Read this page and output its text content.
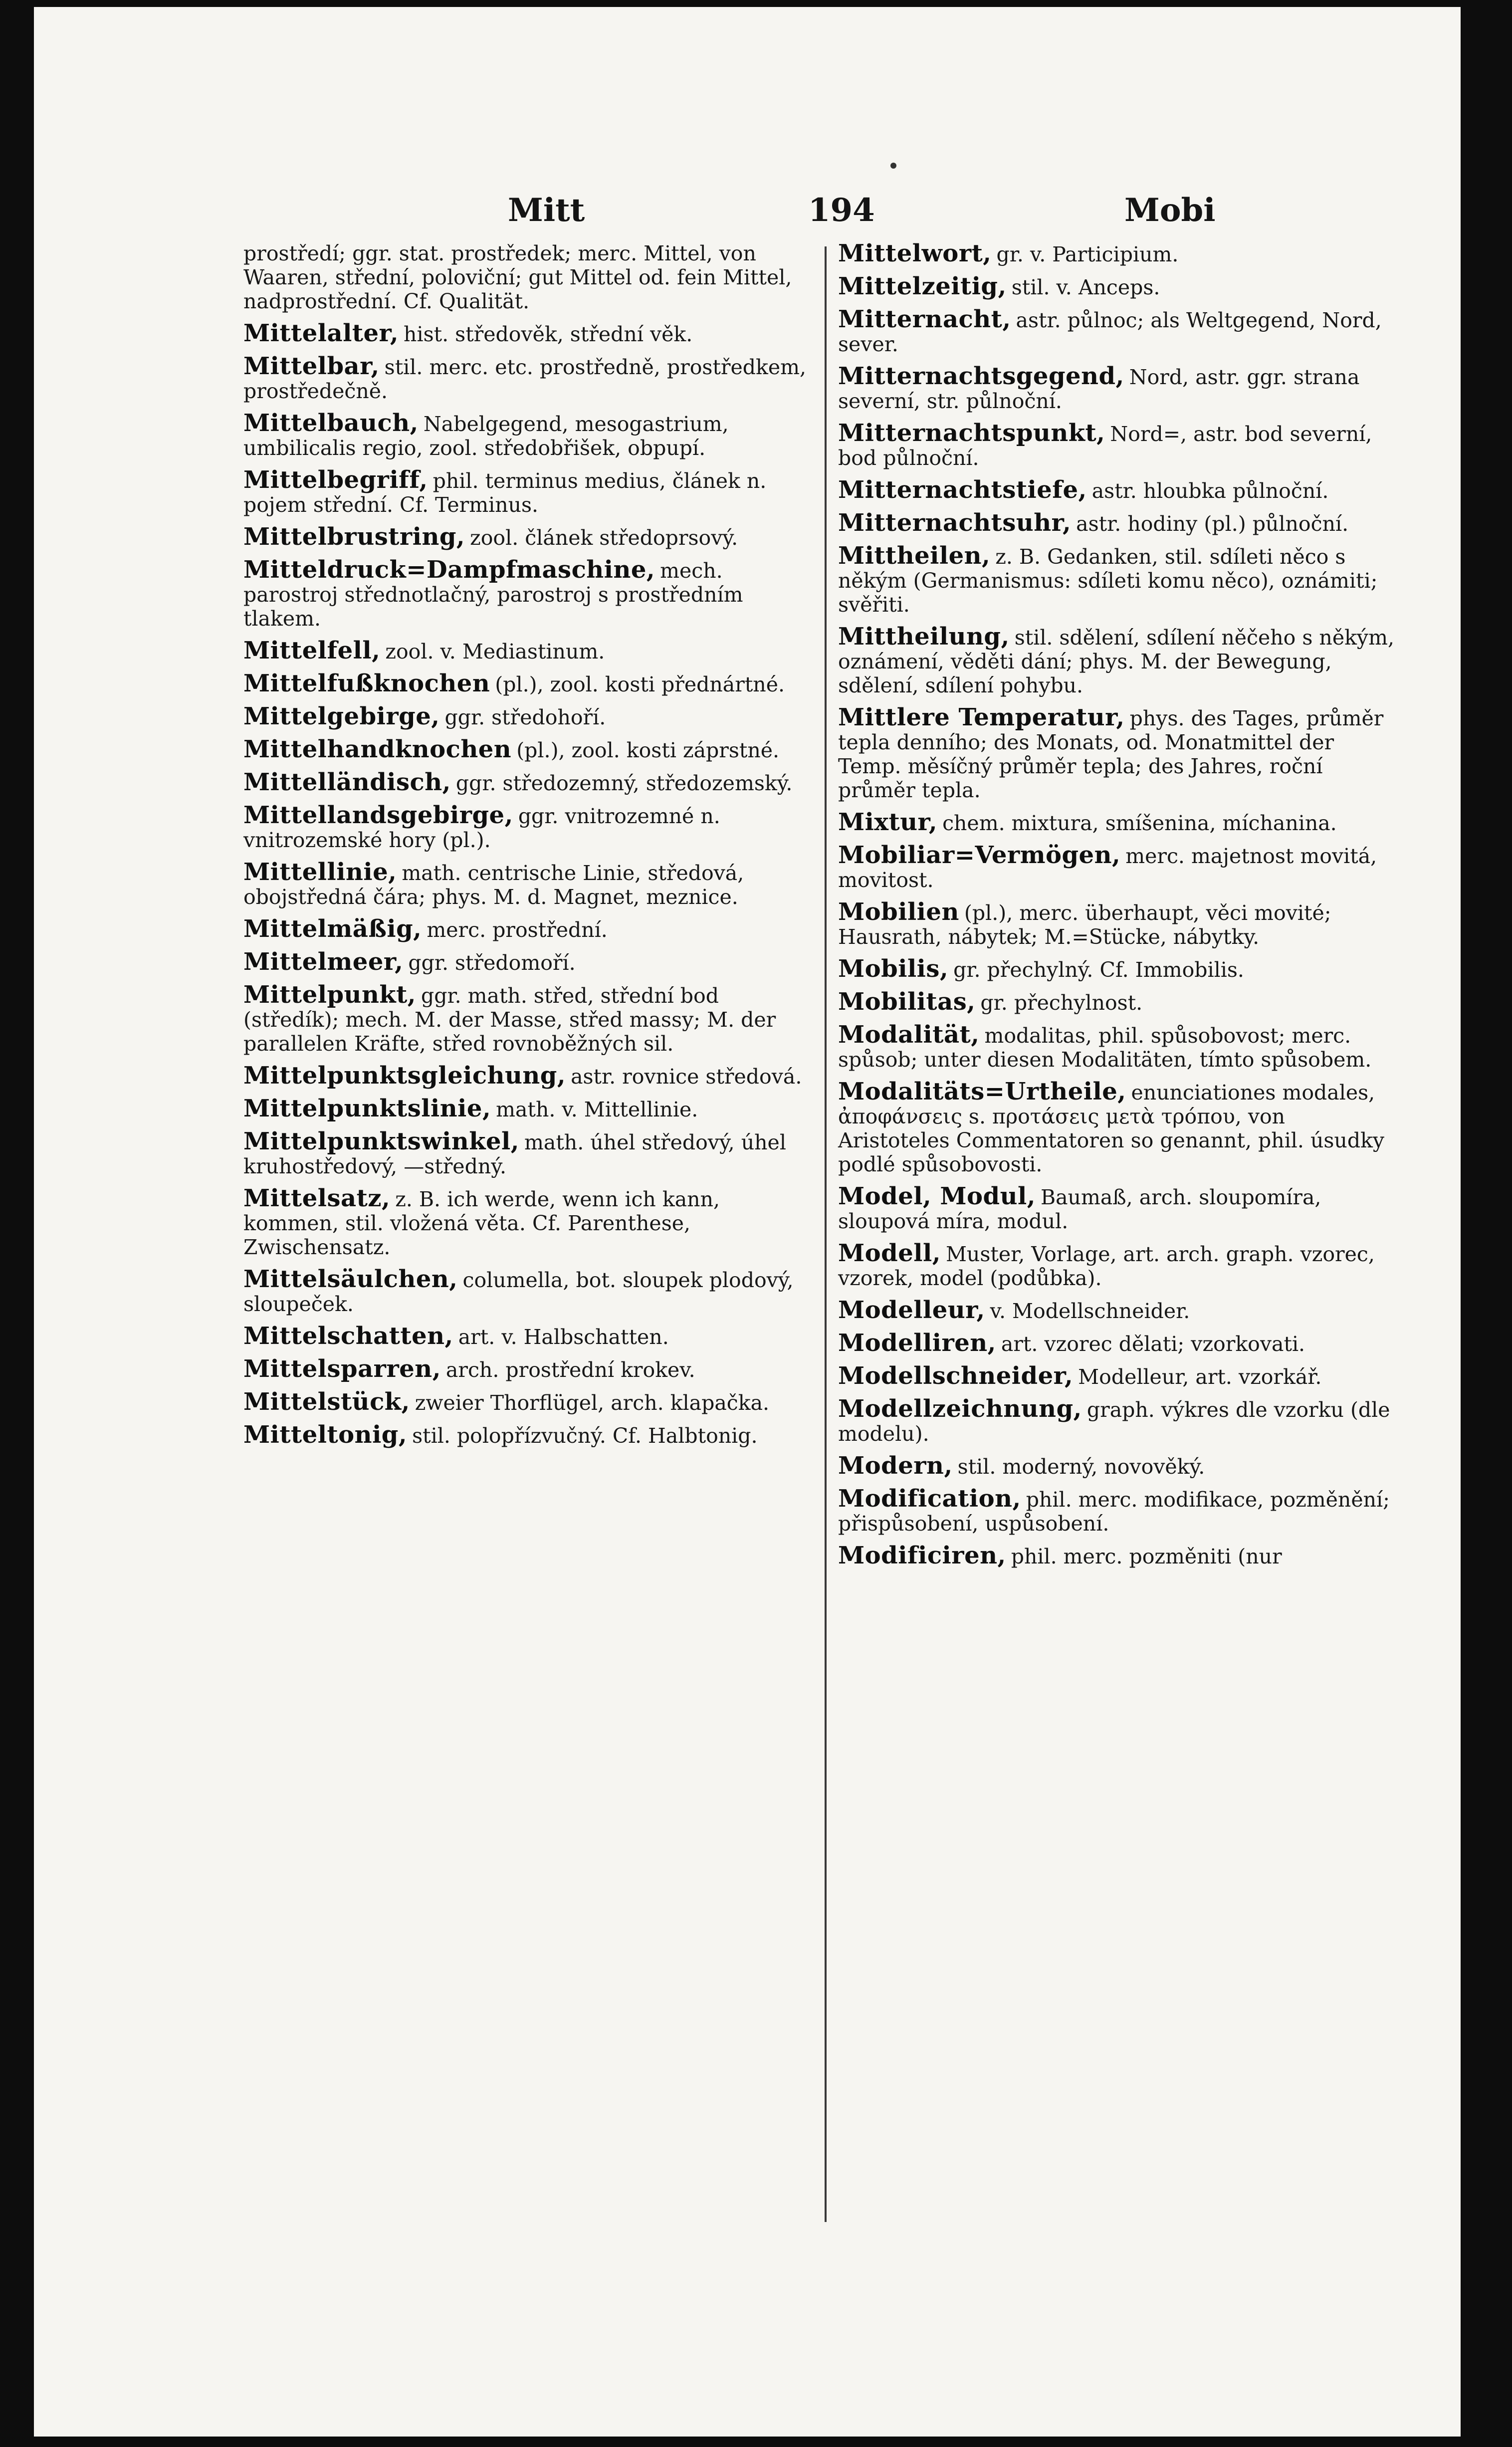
Mitt	194	Mobi
prostředí; ggr. stat. prostředek; merc. Mittel, von Waaren, střední, poloviční; gut Mittel od. fein Mittel, nadprostřední. Cf. Qualität.
Mittelalter, hist. středověk, střední věk.
Mittelbar, stil. merc. etc. prostředně, prostředkem, prostředečně.
Mittelbauch, Nabelgegend, mesogastrium, umbilicalis regio, zool. středobřišek, obpupí.
Mittelbegriff, phil. terminus medius, článek n. pojem střední. Cf. Terminus.
Mittelbrustring, zool. článek středoprsový.
Mitteldruck=Dampfmaschine, mech. parostroj střednotlačný, parostroj s prostředním tlakem.
Mittelfell, zool. v. Mediastinum.
Mittelfußknochen (pl.), zool. kosti přednártné.
Mittelgebirge, ggr. středohoří.
Mittelhandknochen (pl.), zool. kosti záprstné.
Mittelländisch, ggr. středozemný, středozemský.
Mittellandsgebirge, ggr. vnitrozemné n. vnitrozemské hory (pl.).
Mittellinie, math. centrische Linie, středová, obojstředná čára; phys. M. d. Magnet, meznice.
Mittelmäßig, merc. prostřední.
Mittelmeer, ggr. středomoří.
Mittelpunkt, ggr. math. střed, střední bod (středík); mech. M. der Masse, střed massy; M. der parallelen Kräfte, střed rovnoběžných sil.
Mittelpunktsgleichung, astr. rovnice středová.
Mittelpunktslinie, math. v. Mittellinie.
Mittelpunktswinkel, math. úhel středový, úhel kruhostředový, —středný.
Mittelsatz, z. B. ich werde, wenn ich kann, kommen, stil. vložená věta. Cf. Parenthese, Zwischensatz.
Mittelsäulchen, columella, bot. sloupek plodový, sloupeček.
Mittelschatten, art. v. Halbschatten.
Mittelsparren, arch. prostřední krokev.
Mittelstück, zweier Thorflügel, arch. klapačka.
Mitteltonig, stil. polopřízvučný. Cf. Halbtonig.
Mittelwort, gr. v. Participium.
Mittelzeitig, stil. v. Anceps.
Mitternacht, astr. půlnoc; als Weltgegend, Nord, sever.
Mitternachtsgegend, Nord, astr. ggr. strana severní, str. půlnoční.
Mitternachtspunkt, Nord=, astr. bod severní, bod půlnoční.
Mitternachtstiefe, astr. hloubka půlnoční.
Mitternachtsuhr, astr. hodiny (pl.) půlnoční.
Mittheilen, z. B. Gedanken, stil. sdíleti něco s někým (Germanismus: sdíleti komu něco), oznámiti; svěřiti.
Mittheilung, stil. sdělení, sdílení něčeho s někým, oznámení, věděti dání; phys. M. der Bewegung, sdělení, sdílení pohybu.
Mittlere Temperatur, phys. des Tages, průměr tepla denního; des Monats, od. Monatmittel der Temp. měsíčný průměr tepla; des Jahres, roční průměr tepla.
Mixtur, chem. mixtura, smíšenina, míchanina.
Mobiliar=Vermögen, merc. majetnost movitá, movitost.
Mobilien (pl.), merc. überhaupt, věci movité; Hausrath, nábytek; M.=Stücke, nábytky.
Mobilis, gr. přechylný. Cf. Immobilis.
Mobilitas, gr. přechylnost.
Modalität, modalitas, phil. spůsobovost; merc. spůsob; unter diesen Modalitäten, tímto spůsobem.
Modalitäts=Urtheile, enunciationes modales, ἀποφάνσεις s. προτάσεις μετὰ τρόπου, von Aristoteles Commentatoren so genannt, phil. úsudky podlé spůsobovosti.
Model, Modul, Baumaß, arch. sloupomíra, sloupová míra, modul.
Modell, Muster, Vorlage, art. arch. graph. vzorec, vzorek, model (podůbka).
Modelleur, v. Modellschneider.
Modelliren, art. vzorec dělati; vzorkovati.
Modellschneider, Modelleur, art. vzorkář.
Modellzeichnung, graph. výkres dle vzorku (dle modelu).
Modern, stil. moderný, novověký.
Modification, phil. merc. modifikace, pozměnění; přispůsobení, uspůsobení.
Modificiren, phil. merc. pozměniti (nur
